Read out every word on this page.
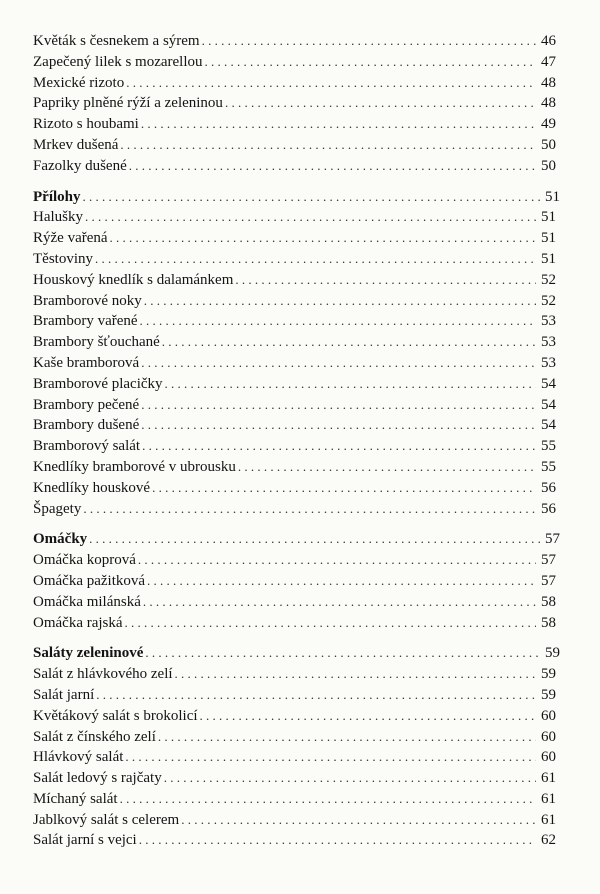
Květák s česnekem a sýrem . . .	46
Zapečený lilek s mozarellou . . .	47
Mexické rizoto . . .	48
Papriky plněné rýží a zeleninou . . .	48
Rizoto s houbami . . .	49
Mrkev dušená . . .	50
Fazolky dušené . . .	50
Přílohy . . .	51
Halušky . . .	51
Rýže vařená . . .	51
Těstoviny . . .	51
Houskový knedlík s dalamánkem . . .	52
Bramborové noky . . .	52
Brambory vařené . . .	53
Brambory šťouchané . . .	53
Kaše bramborová . . .	53
Bramborové placičky . . .	54
Brambory pečené . . .	54
Brambory dušené . . .	54
Bramborový salát . . .	55
Knedlíky bramborové v ubrousku . . .	55
Knedlíky houskové . . .	56
Špagety . . .	56
Omáčky . . .	57
Omáčka koprová . . .	57
Omáčka pažitková . . .	57
Omáčka milánská . . .	58
Omáčka rajská . . .	58
Saláty zeleninové . . .	59
Salát z hlávkového zelí . . .	59
Salát jarní . . .	59
Květákový salát s brokolicí . . .	60
Salát z čínského zelí . . .	60
Hlávkový salát . . .	60
Salát ledový s rajčaty . . .	61
Míchaný salát . . .	61
Jablkový salát s celerem . . .	61
Salát jarní s vejci . . .	62
